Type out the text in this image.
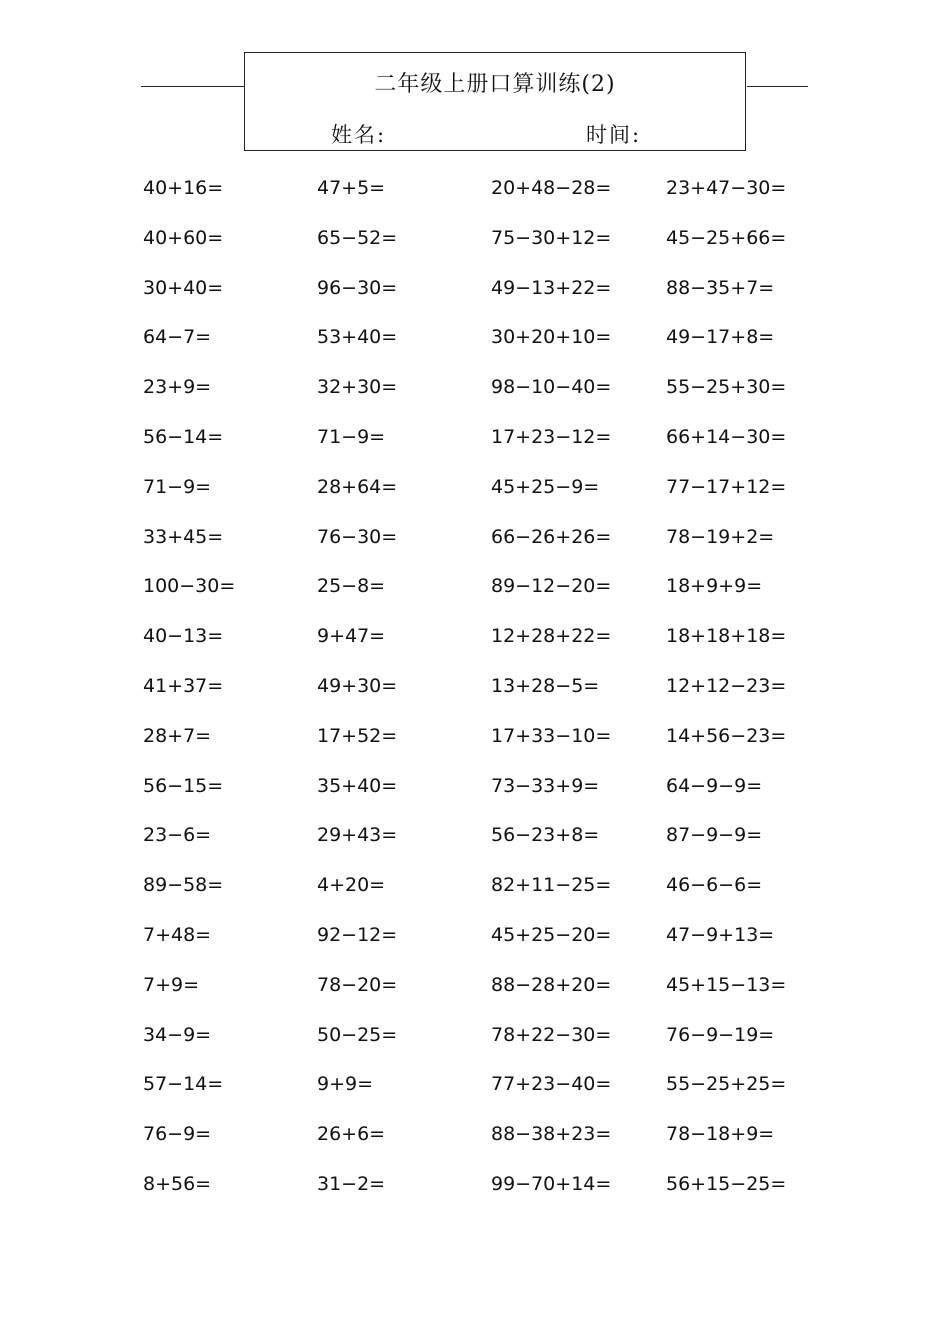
二年级上册口算训练(2)
姓名:	时间:
40+16=	47+5=	20+48−28=	23+47−30=
40+60=	65−52=	75−30+12=	45−25+66=
30+40=	96−30=	49−13+22=	88−35+7=
64−7=	53+40=	30+20+10=	49−17+8=
23+9=	32+30=	98−10−40=	55−25+30=
56−14=	71−9=	17+23−12=	66+14−30=
71−9=	28+64=	45+25−9=	77−17+12=
33+45=	76−30=	66−26+26=	78−19+2=
100−30=	25−8=	89−12−20=	18+9+9=
40−13=	9+47=	12+28+22=	18+18+18=
41+37=	49+30=	13+28−5=	12+12−23=
28+7=	17+52=	17+33−10=	14+56−23=
56−15=	35+40=	73−33+9=	64−9−9=
23−6=	29+43=	56−23+8=	87−9−9=
89−58=	4+20=	82+11−25=	46−6−6=
7+48=	92−12=	45+25−20=	47−9+13=
7+9=	78−20=	88−28+20=	45+15−13=
34−9=	50−25=	78+22−30=	76−9−19=
57−14=	9+9=	77+23−40=	55−25+25=
76−9=	26+6=	88−38+23=	78−18+9=
8+56=	31−2=	99−70+14=	56+15−25=
